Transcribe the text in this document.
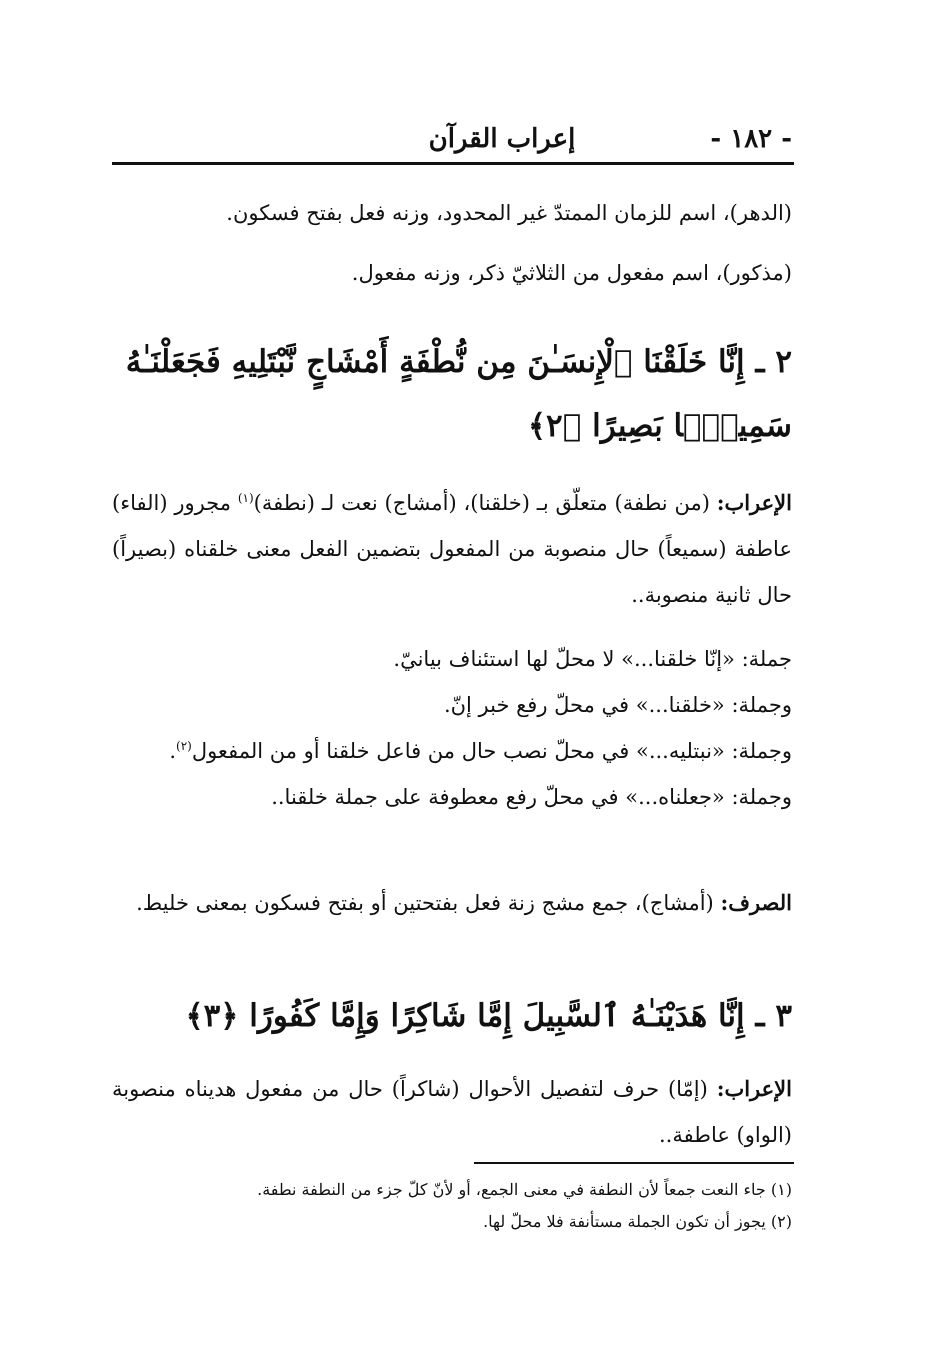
- ١٨٢ -
إعراب القرآن
(الدهر)، اسم للزمان الممتدّ غير المحدود، وزنه فعل بفتح فسكون.
(مذكور)، اسم مفعول من الثلاثيّ ذكر، وزنه مفعول.
٢ ـ إِنَّا خَلَقْنَا ٱلْإِنسَـٰنَ مِن نُّطْفَةٍ أَمْشَاجٍ نَّبْتَلِيهِ فَجَعَلْنَـٰهُ سَمِيعًۢا بَصِيرًا ﴿٢﴾
الإعراب: (من نطفة) متعلّق بـ (خلقنا)، (أمشاج) نعت لـ (نطفة)$^{(١)}$ مجرور (الفاء) عاطفة (سميعاً) حال منصوبة من المفعول بتضمين الفعل معنى خلقناه (بصيراً) حال ثانية منصوبة..
جملة: «إنّا خلقنا...» لا محلّ لها استئناف بيانيّ.
وجملة: «خلقنا...» في محلّ رفع خبر إنّ.
وجملة: «نبتليه...» في محلّ نصب حال من فاعل خلقنا أو من المفعول$^{(٢)}$.
وجملة: «جعلناه...» في محلّ رفع معطوفة على جملة خلقنا..
الصرف: (أمشاج)، جمع مشج زنة فعل بفتحتين أو بفتح فسكون بمعنى خليط.
٣ ـ إِنَّا هَدَيْنَـٰهُ ٱلسَّبِيلَ إِمَّا شَاكِرًا وَإِمَّا كَفُورًا ﴿٣﴾
الإعراب: (إمّا) حرف لتفصيل الأحوال (شاكراً) حال من مفعول هديناه منصوبة (الواو) عاطفة..
(١) جاء النعت جمعاً لأن النطفة في معنى الجمع، أو لأنّ كلّ جزء من النطفة نطفة.
(٢) يجوز أن تكون الجملة مستأنفة فلا محلّ لها.
